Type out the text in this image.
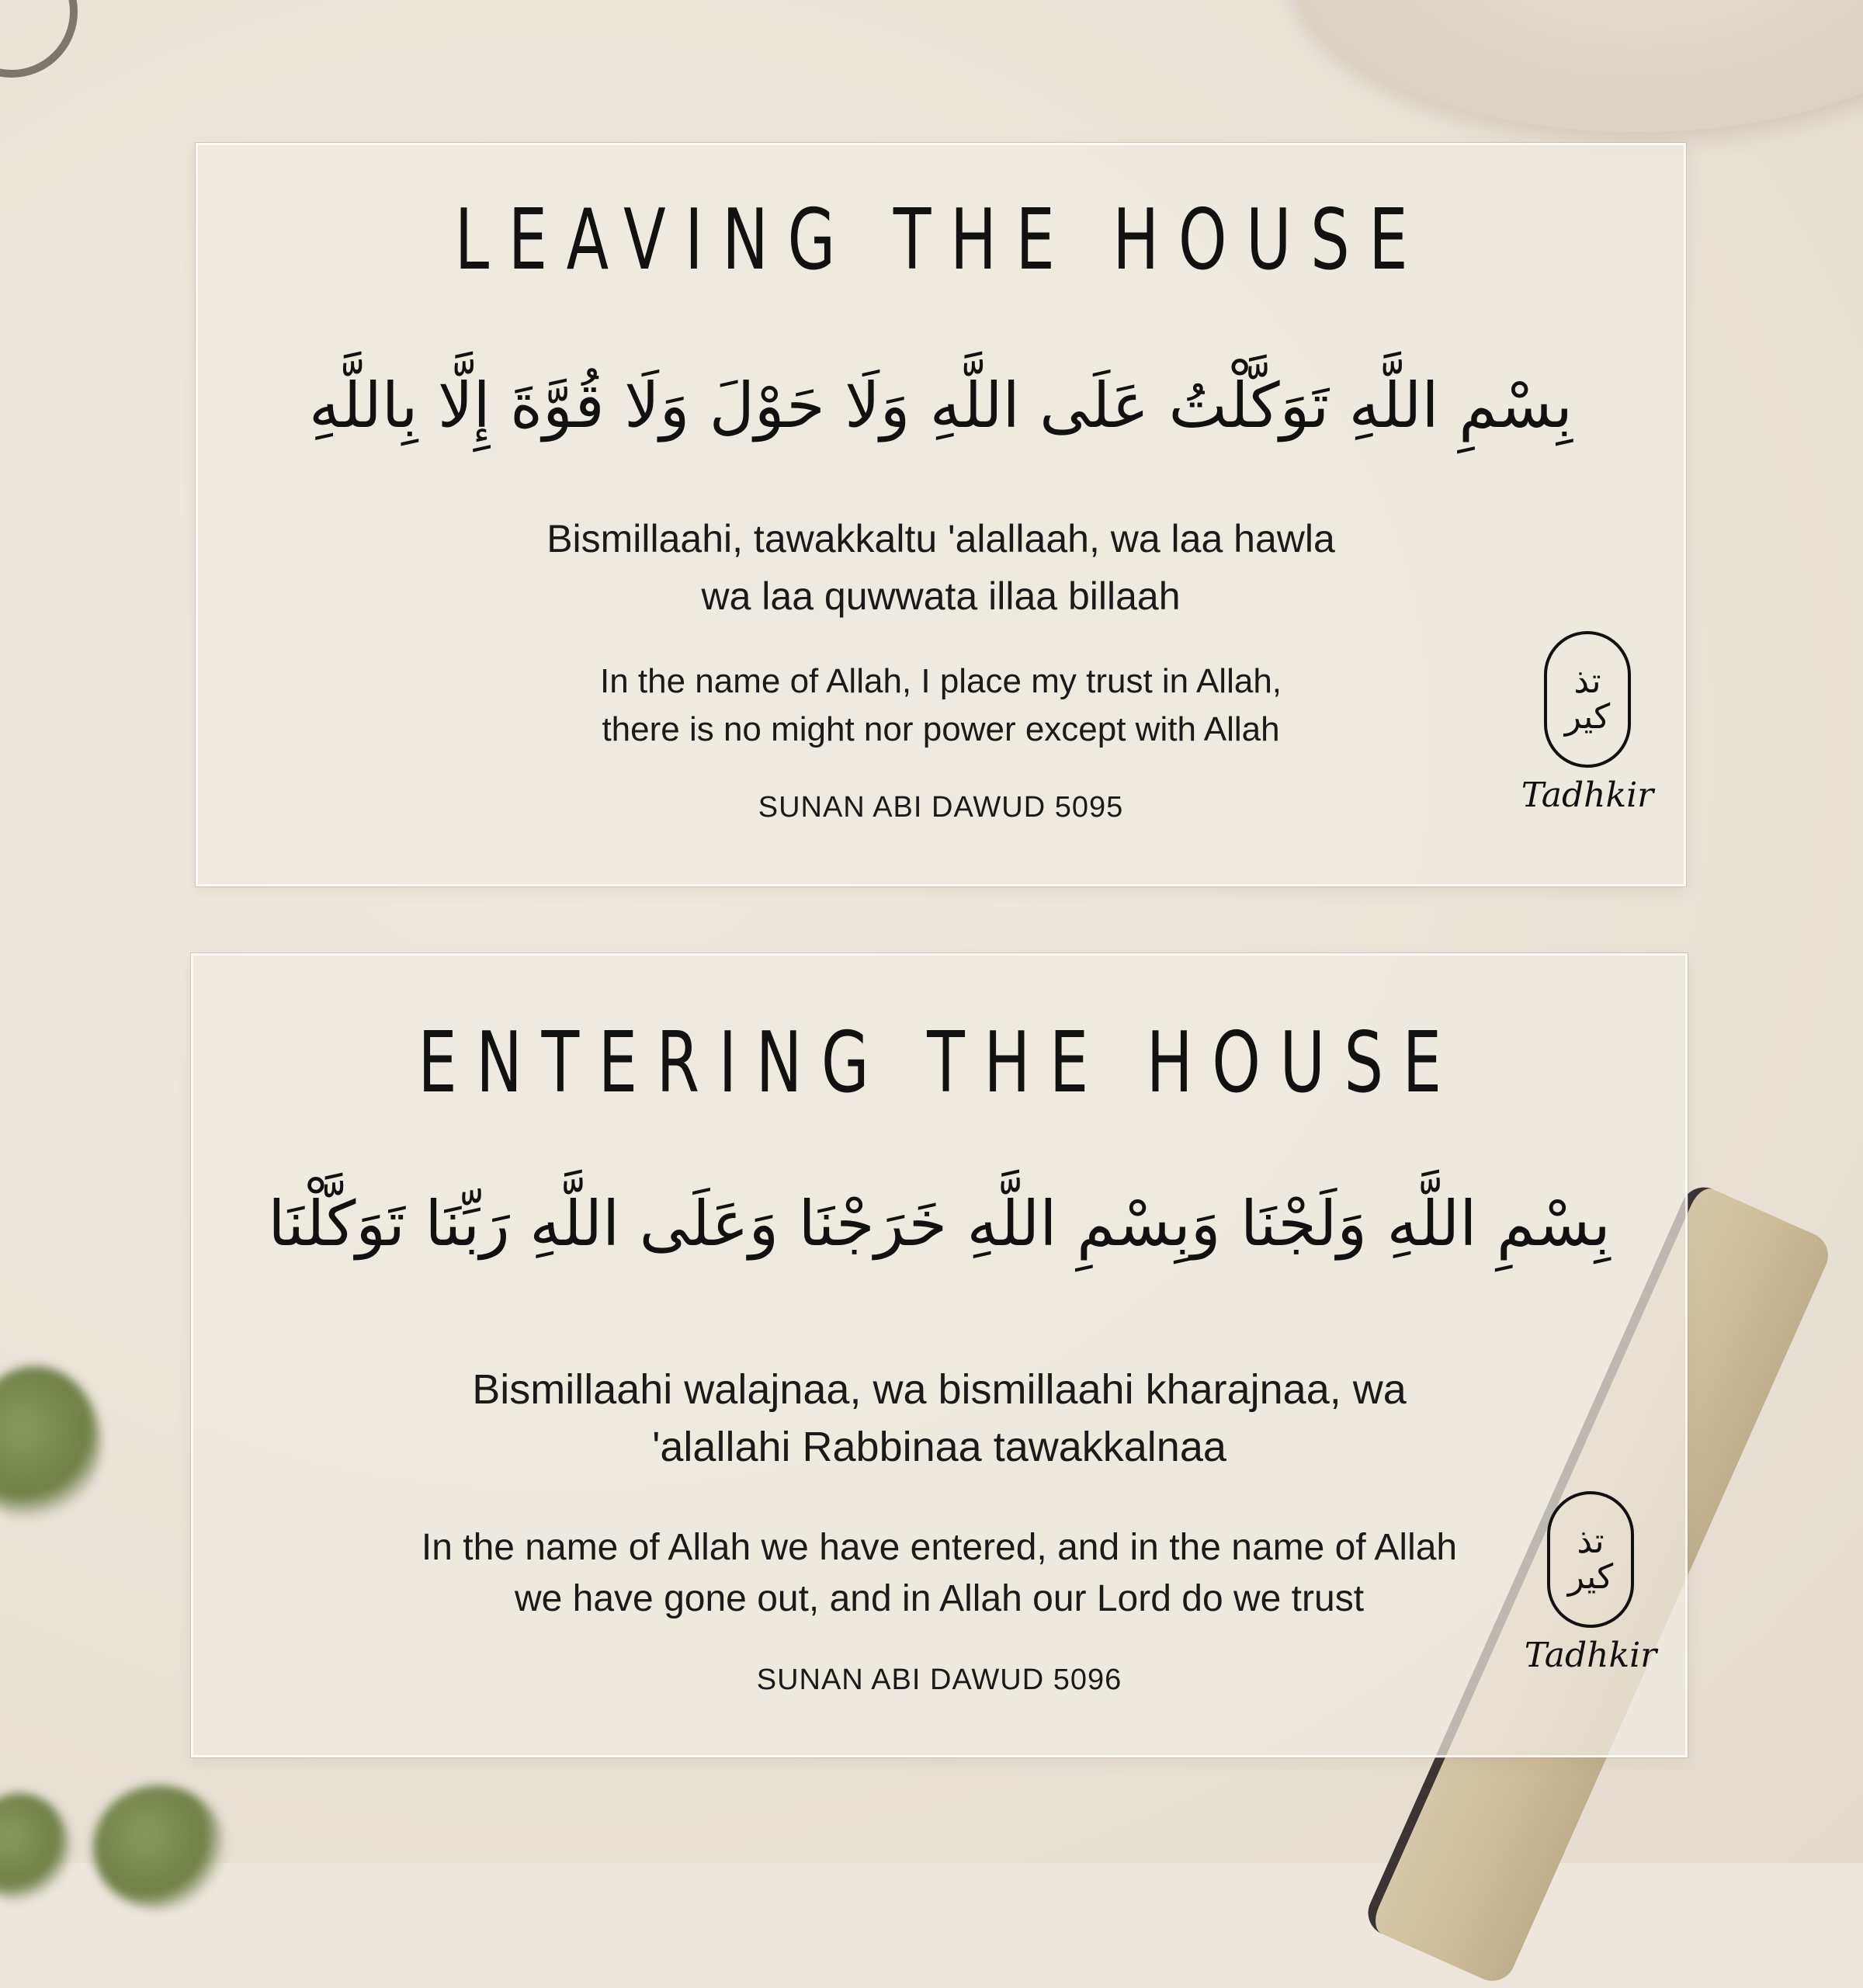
LEAVING THE HOUSE
بِسْمِ اللَّهِ تَوَكَّلْتُ عَلَى اللَّهِ وَلَا حَوْلَ وَلَا قُوَّةَ إِلَّا بِاللَّهِ
Bismillaahi, tawakkaltu 'alallaah, wa laa hawla
wa laa quwwata illaa billaah
In the name of Allah, I place my trust in Allah,
there is no might nor power except with Allah
SUNAN ABI DAWUD 5095
تذ كير
Tadhkir
ENTERING THE HOUSE
بِسْمِ اللَّهِ وَلَجْنَا وَبِسْمِ اللَّهِ خَرَجْنَا وَعَلَى اللَّهِ رَبِّنَا تَوَكَّلْنَا
Bismillaahi walajnaa, wa bismillaahi kharajnaa, wa
'alallahi Rabbinaa tawakkalnaa
In the name of Allah we have entered, and in the name of Allah
we have gone out, and in Allah our Lord do we trust
SUNAN ABI DAWUD 5096
تذ كير
Tadhkir
